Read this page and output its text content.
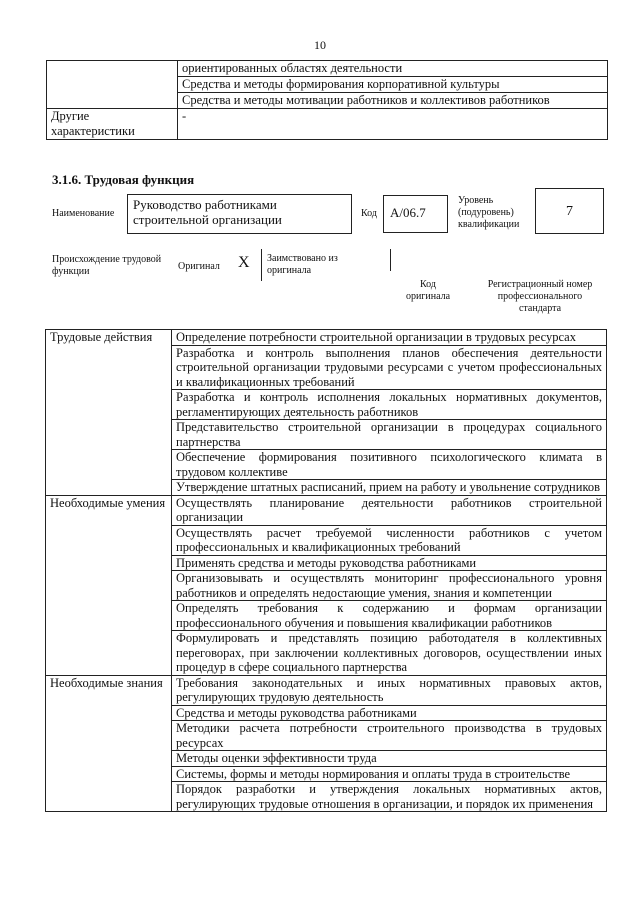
10
	ориентированных областях деятельности
	Средства и методы формирования корпоративной культуры
	Средства и методы мотивации работников и коллективов работников
Другие характеристики	-
3.1.6. Трудовая функция
Наименование
Руководство работниками строительной организации	Код	А/06.7
Уровень (подуровень) квалификации
7
Происхождение трудовой функции	Оригинал X Заимствовано из оригинала
Код оригинала
Регистрационный номер профессионального стандарта
Трудовые действия	Определение потребности строительной организации в трудовых ресурсах
	Разработка и контроль выполнения планов обеспечения деятельности строительной организации трудовыми ресурсами с учетом профессиональных и квалификационных требований
	Разработка и контроль исполнения локальных нормативных документов, регламентирующих деятельность работников
	Представительство строительной организации в процедурах социального партнерства
	Обеспечение формирования позитивного психологического климата в трудовом коллективе
	Утверждение штатных расписаний, прием на работу и увольнение сотрудников
Необходимые умения	Осуществлять планирование деятельности работников строительной организации
	Осуществлять расчет требуемой численности работников с учетом профессиональных и квалификационных требований
	Применять средства и методы руководства работниками
	Организовывать и осуществлять мониторинг профессионального уровня работников и определять недостающие умения, знания и компетенции
	Определять требования к содержанию и формам организации профессионального обучения и повышения квалификации работников
	Формулировать и представлять позицию работодателя в коллективных переговорах, при заключении коллективных договоров, осуществлении иных процедур в сфере социального партнерства
Необходимые знания	Требования законодательных и иных нормативных правовых актов, регулирующих трудовую деятельность
	Средства и методы руководства работниками
	Методики расчета потребности строительного производства в трудовых ресурсах
	Методы оценки эффективности труда
	Системы, формы и методы нормирования и оплаты труда в строительстве
	Порядок разработки и утверждения локальных нормативных актов, регулирующих трудовые отношения в организации, и порядок их применения
